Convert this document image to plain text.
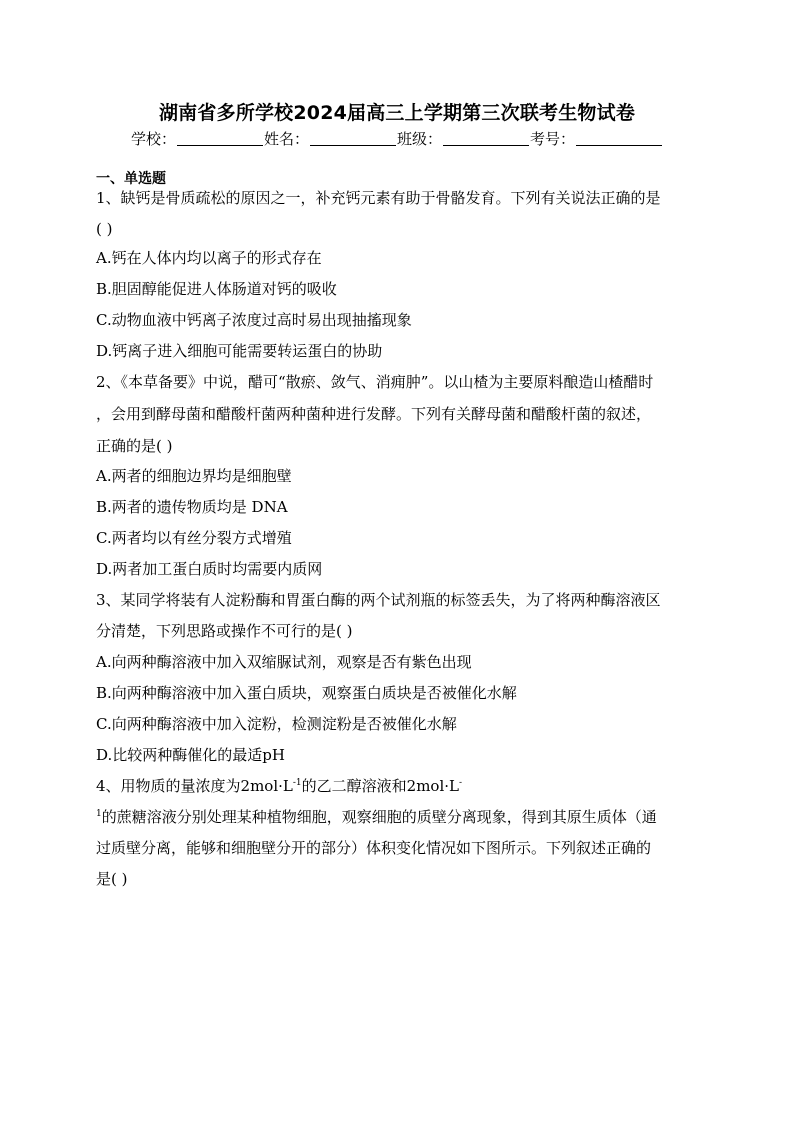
湖南省多所学校2024届高三上学期第三次联考生物试卷
学校：	姓名：	班级：	考号：
一、单选题
1、缺钙是骨质疏松的原因之一，补充钙元素有助于骨骼发育。下列有关说法正确的是
( )
A.钙在人体内均以离子的形式存在
B.胆固醇能促进人体肠道对钙的吸收
C.动物血液中钙离子浓度过高时易出现抽搐现象
D.钙离子进入细胞可能需要转运蛋白的协助
2、《本草备要》中说，醋可“散瘀、敛气、消痈肿”。以山楂为主要原料酿造山楂醋时
，会用到酵母菌和醋酸杆菌两种菌种进行发酵。下列有关酵母菌和醋酸杆菌的叙述，
正确的是( )
A.两者的细胞边界均是细胞壁
B.两者的遗传物质均是 DNA
C.两者均以有丝分裂方式增殖
D.两者加工蛋白质时均需要内质网
3、某同学将装有人淀粉酶和胃蛋白酶的两个试剂瓶的标签丢失，为了将两种酶溶液区
分清楚，下列思路或操作不可行的是( )
A.向两种酶溶液中加入双缩脲试剂，观察是否有紫色出现
B.向两种酶溶液中加入蛋白质块，观察蛋白质块是否被催化水解
C.向两种酶溶液中加入淀粉，检测淀粉是否被催化水解
D.比较两种酶催化的最适pH
4、用物质的量浓度为$2mol\cdot L^{-1}$的乙二醇溶液和2mol·L-
$^1$的蔗糖溶液分别处理某种植物细胞，观察细胞的质壁分离现象，得到其原生质体（通
过质壁分离，能够和细胞壁分开的部分）体积变化情况如下图所示。下列叙述正确的
是( )
